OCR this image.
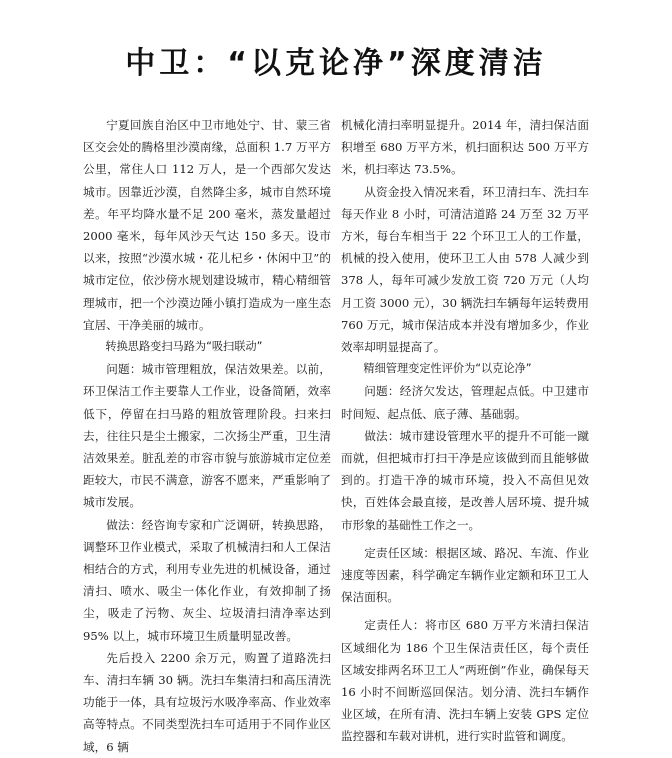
中卫：“以克论净”深度清洁

宁夏回族自治区中卫市地处宁、甘、蒙三省区交会处的腾格里沙漠南缘，总面积 1.7 万平方公里，常住人口 112 万人，是一个西部欠发达城市。因靠近沙漠，自然降尘多，城市自然环境差。年平均降水量不足 200 毫米，蒸发量超过 2000 毫米，每年风沙天气达 150 多天。设市以来，按照“沙漠水城・花儿杞乡・休闲中卫”的城市定位，依沙傍水规划建设城市，精心精细管理城市，把一个沙漠边陲小镇打造成为一座生态宜居、干净美丽的城市。

转换思路变扫马路为“吸扫联动”

问题：城市管理粗放，保洁效果差。以前，环卫保洁工作主要靠人工作业，设备简陋，效率低下，停留在扫马路的粗放管理阶段。扫来扫去，往往只是尘土搬家，二次扬尘严重，卫生清洁效果差。脏乱差的市容市貌与旅游城市定位差距较大，市民不满意，游客不愿来，严重影响了城市发展。

做法：经咨询专家和广泛调研，转换思路，调整环卫作业模式，采取了机械清扫和人工保洁相结合的方式，利用专业先进的机械设备，通过清扫、喷水、吸尘一体化作业，有效抑制了扬尘，吸走了污物、灰尘、垃圾清扫清净率达到 95% 以上，城市环境卫生质量明显改善。

先后投入 2200 余万元，购置了道路洗扫车、清扫车辆 30 辆。洗扫车集清扫和高压清洗功能于一体，具有垃圾污水吸净率高、作业效率高等特点。不同类型洗扫车可适用于不同作业区域，6 辆

机械化清扫率明显提升。2014 年，清扫保洁面积增至 680 万平方米，机扫面积达 500 万平方米，机扫率达 73.5%。

从资金投入情况来看，环卫清扫车、洗扫车每天作业 8 小时，可清洁道路 24 万至 32 万平方米，每台车相当于 22 个环卫工人的工作量，机械的投入使用，使环卫工人由 578 人减少到 378 人，每年可减少发放工资 720 万元（人均月工资 3000 元），30 辆洗扫车辆每年运转费用 760 万元，城市保洁成本并没有增加多少，作业效率却明显提高了。

精细管理变定性评价为“以克论净”

问题：经济欠发达，管理起点低。中卫建市时间短、起点低、底子薄、基础弱。

做法：城市建设管理水平的提升不可能一蹴而就，但把城市打扫干净是应该做到而且能够做到的。打造干净的城市环境，投入不高但见效快，百姓体会最直接，是改善人居环境、提升城市形象的基础性工作之一。

定责任区域：根据区域、路况、车流、作业速度等因素，科学确定车辆作业定额和环卫工人保洁面积。

定责任人：将市区 680 万平方米清扫保洁区域细化为 186 个卫生保洁责任区，每个责任区域安排两名环卫工人“两班倒”作业，确保每天 16 小时不间断巡回保洁。划分清、洗扫车辆作业区域，在所有清、洗扫车辆上安装 GPS 定位监控器和车载对讲机，进行实时监管和调度。
